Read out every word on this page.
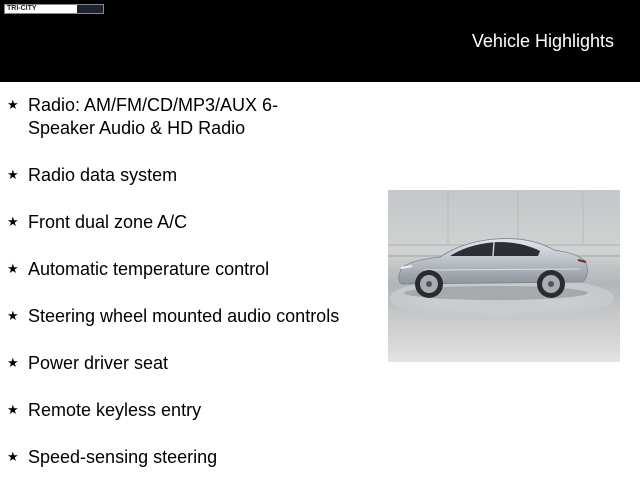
TRI-CITY
Vehicle Highlights
★ Radio: AM/FM/CD/MP3/AUX 6-Speaker Audio & HD Radio
★ Radio data system
★ Front dual zone A/C
★ Automatic temperature control
★ Steering wheel mounted audio controls
★ Power driver seat
★ Remote keyless entry
★ Speed-sensing steering
